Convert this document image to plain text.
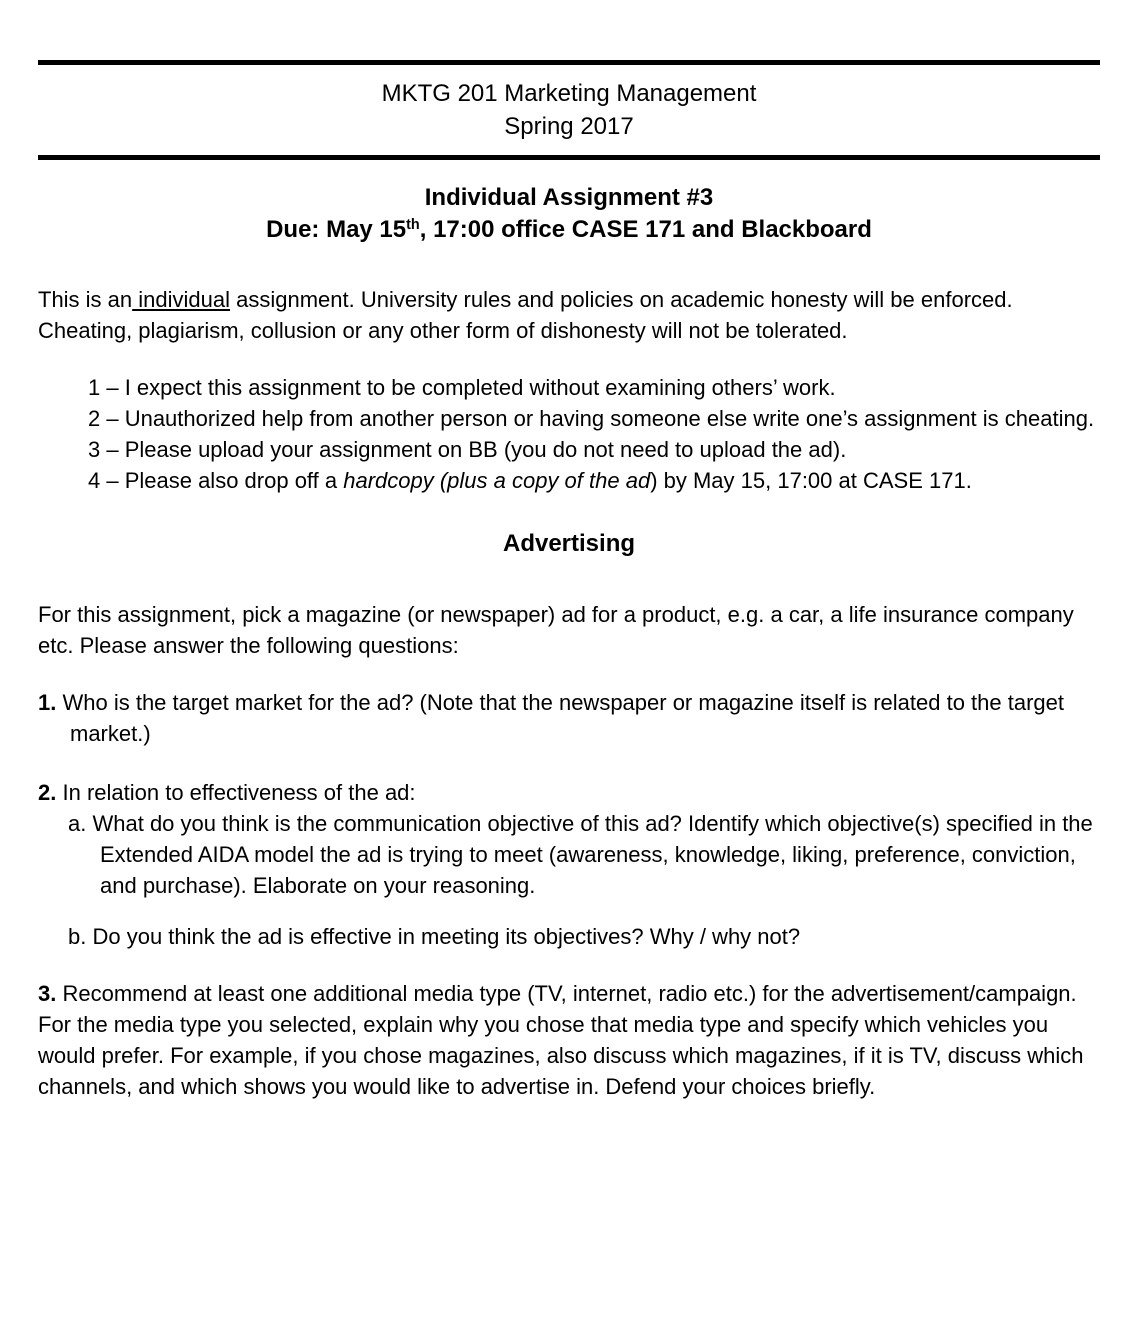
MKTG 201 Marketing Management

Spring 2017

Individual Assignment #3

Due: May 15th, 17:00 office CASE 171 and Blackboard

This is an individual assignment. University rules and policies on academic honesty will be enforced. Cheating, plagiarism, collusion or any other form of dishonesty will not be tolerated.

1 – I expect this assignment to be completed without examining others’ work.

2 – Unauthorized help from another person or having someone else write one’s assignment is cheating.

3 – Please upload your assignment on BB (you do not need to upload the ad).

4 – Please also drop off a hardcopy (plus a copy of the ad) by May 15, 17:00 at CASE 171.

Advertising

For this assignment, pick a magazine (or newspaper) ad for a product, e.g. a car, a life insurance company etc. Please answer the following questions:

1. Who is the target market for the ad? (Note that the newspaper or magazine itself is related to the target market.)

2. In relation to effectiveness of the ad:

a. What do you think is the communication objective of this ad? Identify which objective(s) specified in the Extended AIDA model the ad is trying to meet (awareness, knowledge, liking, preference, conviction, and purchase). Elaborate on your reasoning.

b. Do you think the ad is effective in meeting its objectives? Why / why not?

3. Recommend at least one additional media type (TV, internet, radio etc.) for the advertisement/campaign. For the media type you selected, explain why you chose that media type and specify which vehicles you would prefer. For example, if you chose magazines, also discuss which magazines, if it is TV, discuss which channels, and which shows you would like to advertise in. Defend your choices briefly.
